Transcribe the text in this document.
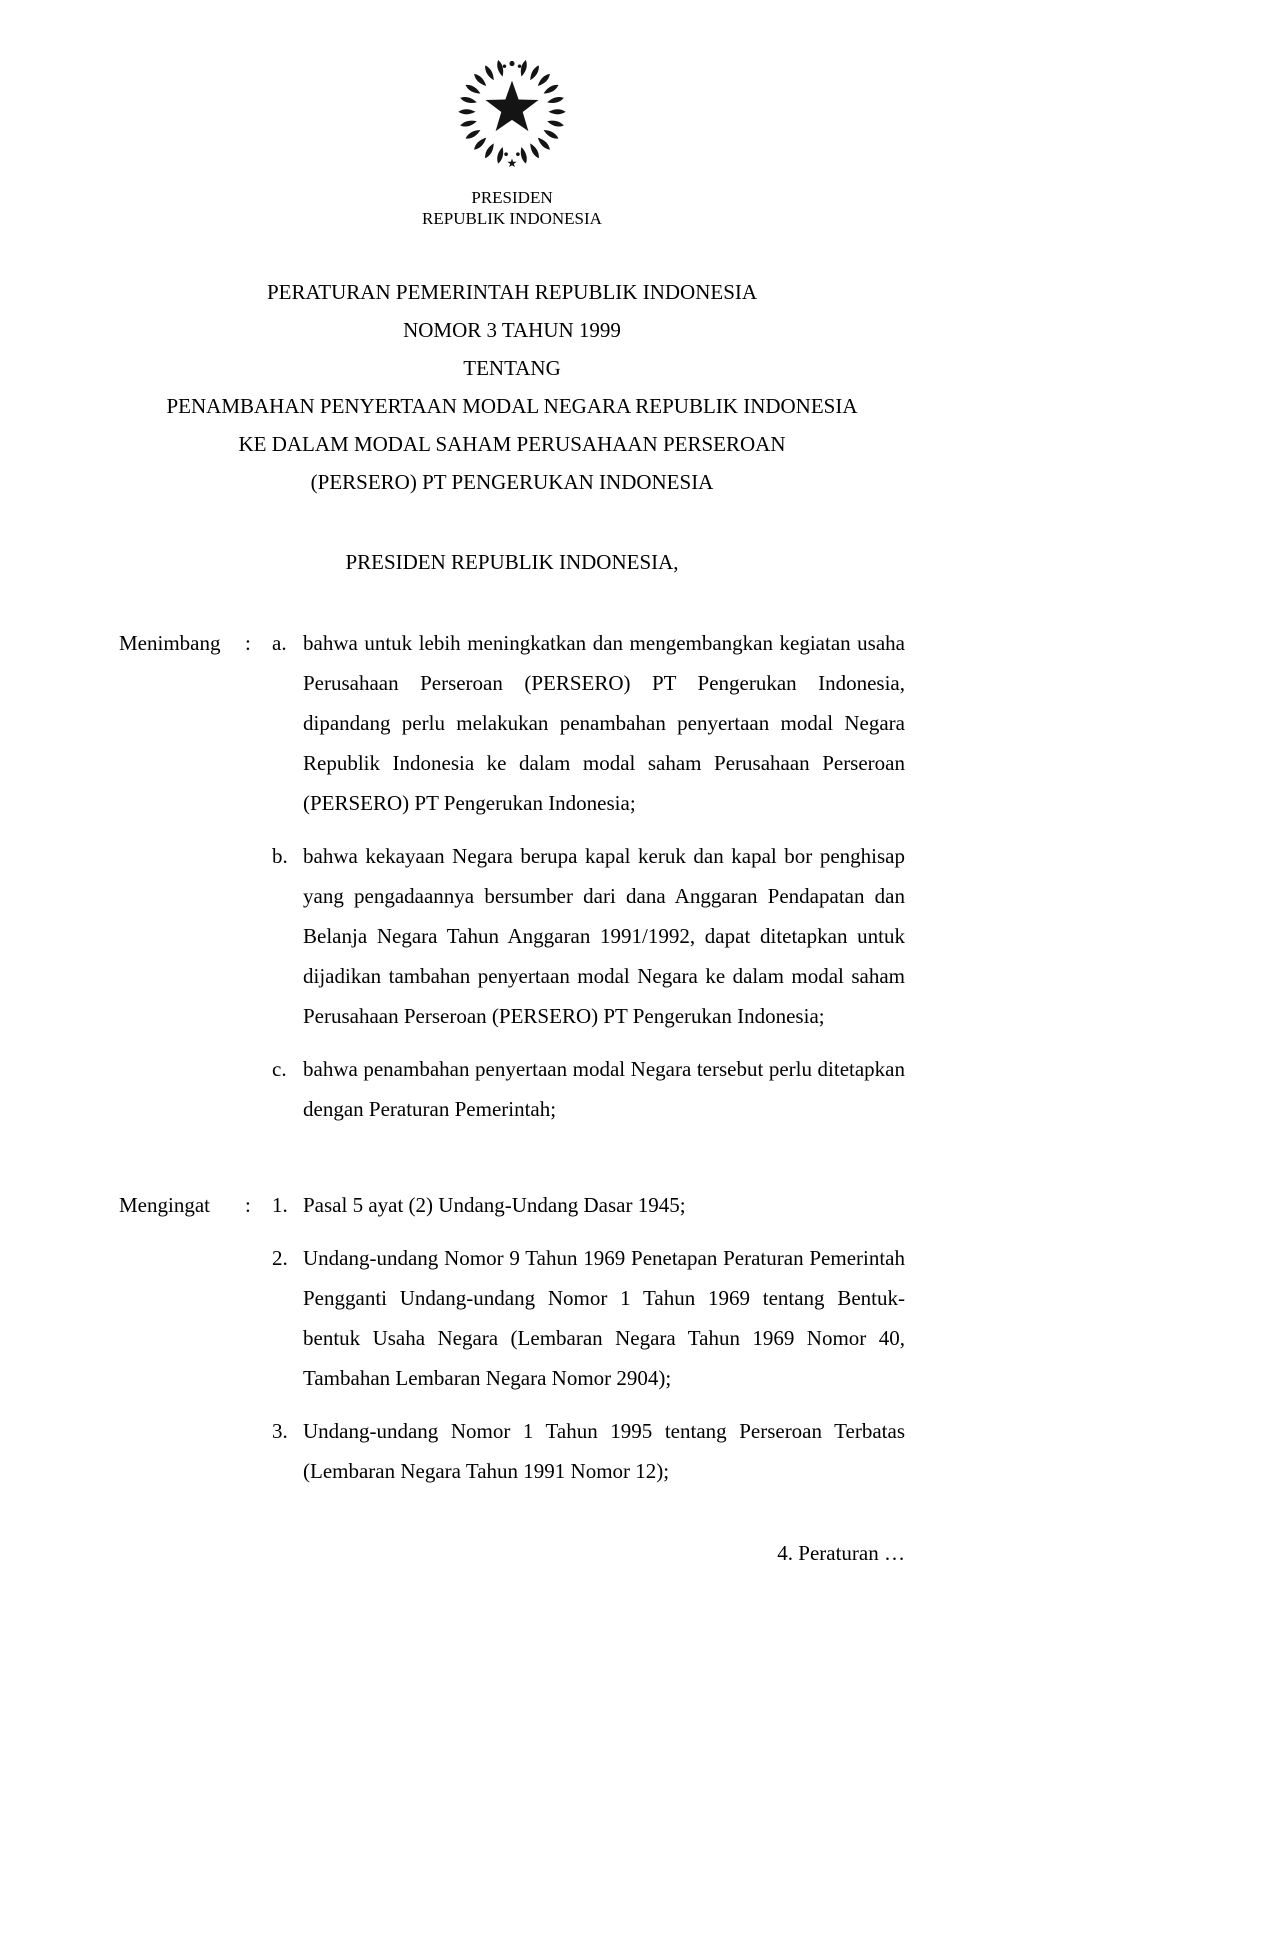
PRESIDEN
REPUBLIK INDONESIA
PERATURAN PEMERINTAH REPUBLIK INDONESIA
NOMOR 3 TAHUN 1999
TENTANG
PENAMBAHAN PENYERTAAN MODAL NEGARA REPUBLIK INDONESIA
KE DALAM MODAL SAHAM PERUSAHAAN PERSEROAN
(PERSERO) PT PENGERUKAN INDONESIA
PRESIDEN REPUBLIK INDONESIA,
Menimbang	:	a. bahwa untuk lebih meningkatkan dan mengembangkan kegiatan usaha Perusahaan Perseroan (PERSERO) PT Pengerukan Indonesia, dipandang perlu melakukan penambahan penyertaan modal Negara Republik Indonesia ke dalam modal saham Perusahaan Perseroan (PERSERO) PT Pengerukan Indonesia;

b. bahwa kekayaan Negara berupa kapal keruk dan kapal bor penghisap yang pengadaannya bersumber dari dana Anggaran Pendapatan dan Belanja Negara Tahun Anggaran 1991/1992, dapat ditetapkan untuk dijadikan tambahan penyertaan modal Negara ke dalam modal saham Perusahaan Perseroan (PERSERO) PT Pengerukan Indonesia;

c. bahwa penambahan penyertaan modal Negara tersebut perlu ditetapkan dengan Peraturan Pemerintah;

Mengingat	:	1. Pasal 5 ayat (2) Undang-Undang Dasar 1945;

2. Undang-undang Nomor 9 Tahun 1969 Penetapan Peraturan Pemerintah Pengganti Undang-undang Nomor 1 Tahun 1969 tentang Bentuk-bentuk Usaha Negara (Lembaran Negara Tahun 1969 Nomor 40, Tambahan Lembaran Negara Nomor 2904);

3. Undang-undang Nomor 1 Tahun 1995 tentang Perseroan Terbatas (Lembaran Negara Tahun 1991 Nomor 12);

4. Peraturan …
